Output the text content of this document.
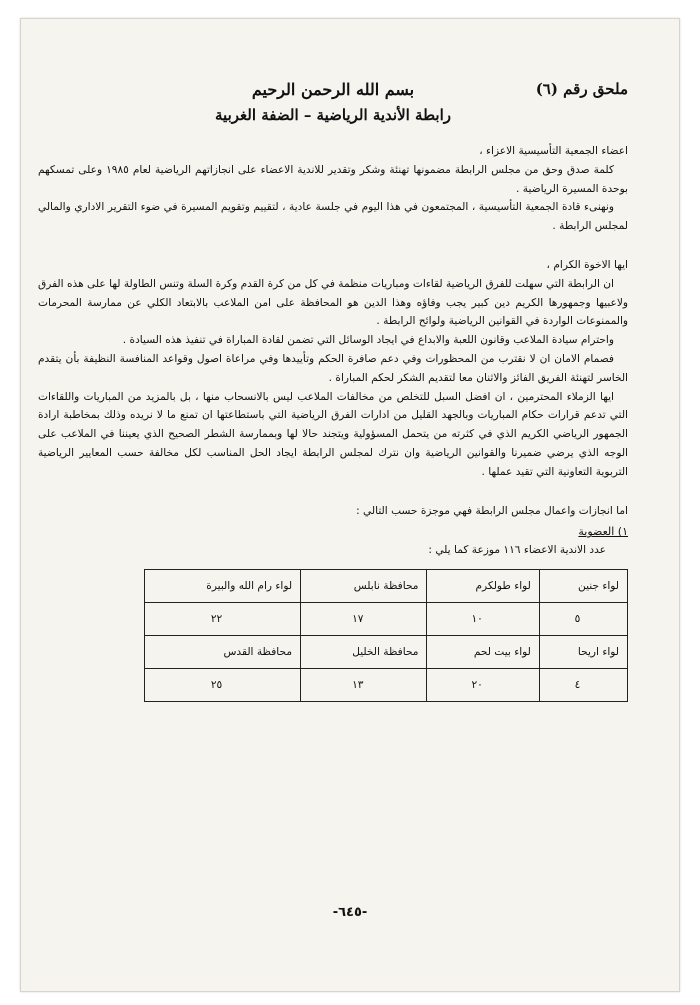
ملحق رقم (٦)
بسم الله الرحمن الرحيم
رابطة الأندية الرياضية – الضفة الغربية

اعضاء الجمعية التأسيسية الاعزاء ،

كلمة صدق وحق من مجلس الرابطة مضمونها تهنئة وشكر وتقدير للاندية الاعضاء على انجازاتهم الرياضية لعام ١٩٨٥ وعلى تمسكهم بوحدة المسيرة الرياضية .

ونهنىء قادة الجمعية التأسيسية ، المجتمعون في هذا اليوم في جلسة عادية ، لتقييم وتقويم المسيرة في ضوء التقرير الاداري والمالي لمجلس الرابطة .

ايها الاخوة الكرام ،

ان الرابطة التي سهلت للفرق الرياضية لقاءات ومباريات منظمة في كل من كرة القدم وكرة السلة وتنس الطاولة لها على هذه الفرق ولاعبيها وجمهورها الكريم دين كبير يجب وفاؤه وهذا الدين هو المحافظة على امن الملاعب بالابتعاد الكلي عن ممارسة المحرمات والممنوعات الواردة في القوانين الرياضية ولوائح الرابطة .

واحترام سيادة الملاعب وقانون اللعبة والابداع في ايجاد الوسائل التي تضمن لقادة المباراة في تنفيذ هذه السيادة .

فصمام الامان ان لا نقترب من المحظورات وفي دعم صافرة الحكم وتأييدها وفي مراعاة اصول وقواعد المنافسة النظيفة بأن يتقدم الخاسر لتهنئة الفريق الفائز والاثنان معا لتقديم الشكر لحكم المباراة .

ايها الزملاء المحترمين ، ان افضل السبل للتخلص من مخالفات الملاعب ليس بالانسحاب منها ، بل بالمزيد من المباريات واللقاءات التي تدعم قرارات حكام المباريات وبالجهد القليل من ادارات الفرق الرياضية التي باستطاعتها ان تمنع ما لا نريده وذلك بمخاطبة ارادة الجمهور الرياضي الكريم الذي في كثرته من يتحمل المسؤولية ويتجند حالا لها وبممارسة الشطر الصحيح الذي يعيننا في الملاعب على الوجه الذي يرضي ضميرنا والقوانين الرياضية وان نترك لمجلس الرابطة ايجاد الحل المناسب لكل مخالفة حسب المعايير الرياضية التربوية التعاونية التي تقيد عملها .

اما انجازات واعمال مجلس الرابطة فهي موجزة حسب التالي :

١) العضوية
عدد الاندية الاعضاء ١١٦ موزعة كما يلي :
لواء جنين	لواء طولكرم	محافظة نابلس	لواء رام الله والبيرة
٥	١٠	١٧	٢٢
لواء اريحا	لواء بيت لحم	محافظة الخليل	محافظة القدس
٤	٢٠	١٣	٢٥
-٦٤٥-
